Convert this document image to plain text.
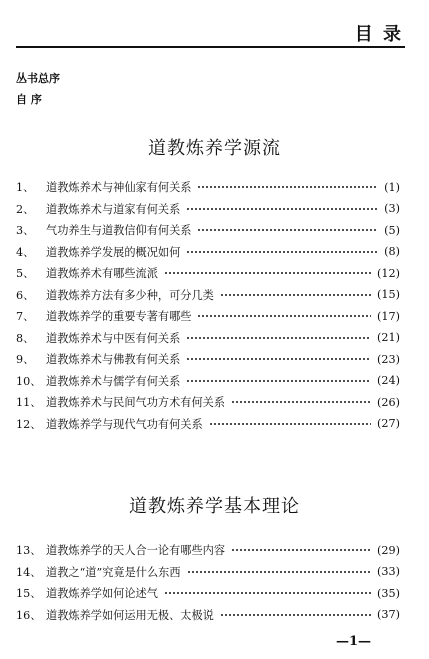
目 录
丛书总序
自 序
道教炼养学源流
1、	道教炼养术与神仙家有何关系	(1)
2、	道教炼养术与道家有何关系	(3)
3、	气功养生与道教信仰有何关系	(5)
4、	道教炼养学发展的概况如何	(8)
5、	道教炼养术有哪些流派	(12)
6、	道教炼养方法有多少种，可分几类	(15)
7、	道教炼养学的重要专著有哪些	(17)
8、	道教炼养术与中医有何关系	(21)
9、	道教炼养术与佛教有何关系	(23)
10、 道教炼养术与儒学有何关系	(24)
11、 道教炼养术与民间气功方术有何关系	(26)
12、 道教炼养学与现代气功有何关系	(27)
道教炼养学基本理论
13、 道教炼养学的天人合一论有哪些内容	(29)
14、 道教之“道”究竟是什么东西	(33)
15、 道教炼养学如何论述气	(35)
16、 道教炼养学如何运用无极、太极说	(37)
—1—
